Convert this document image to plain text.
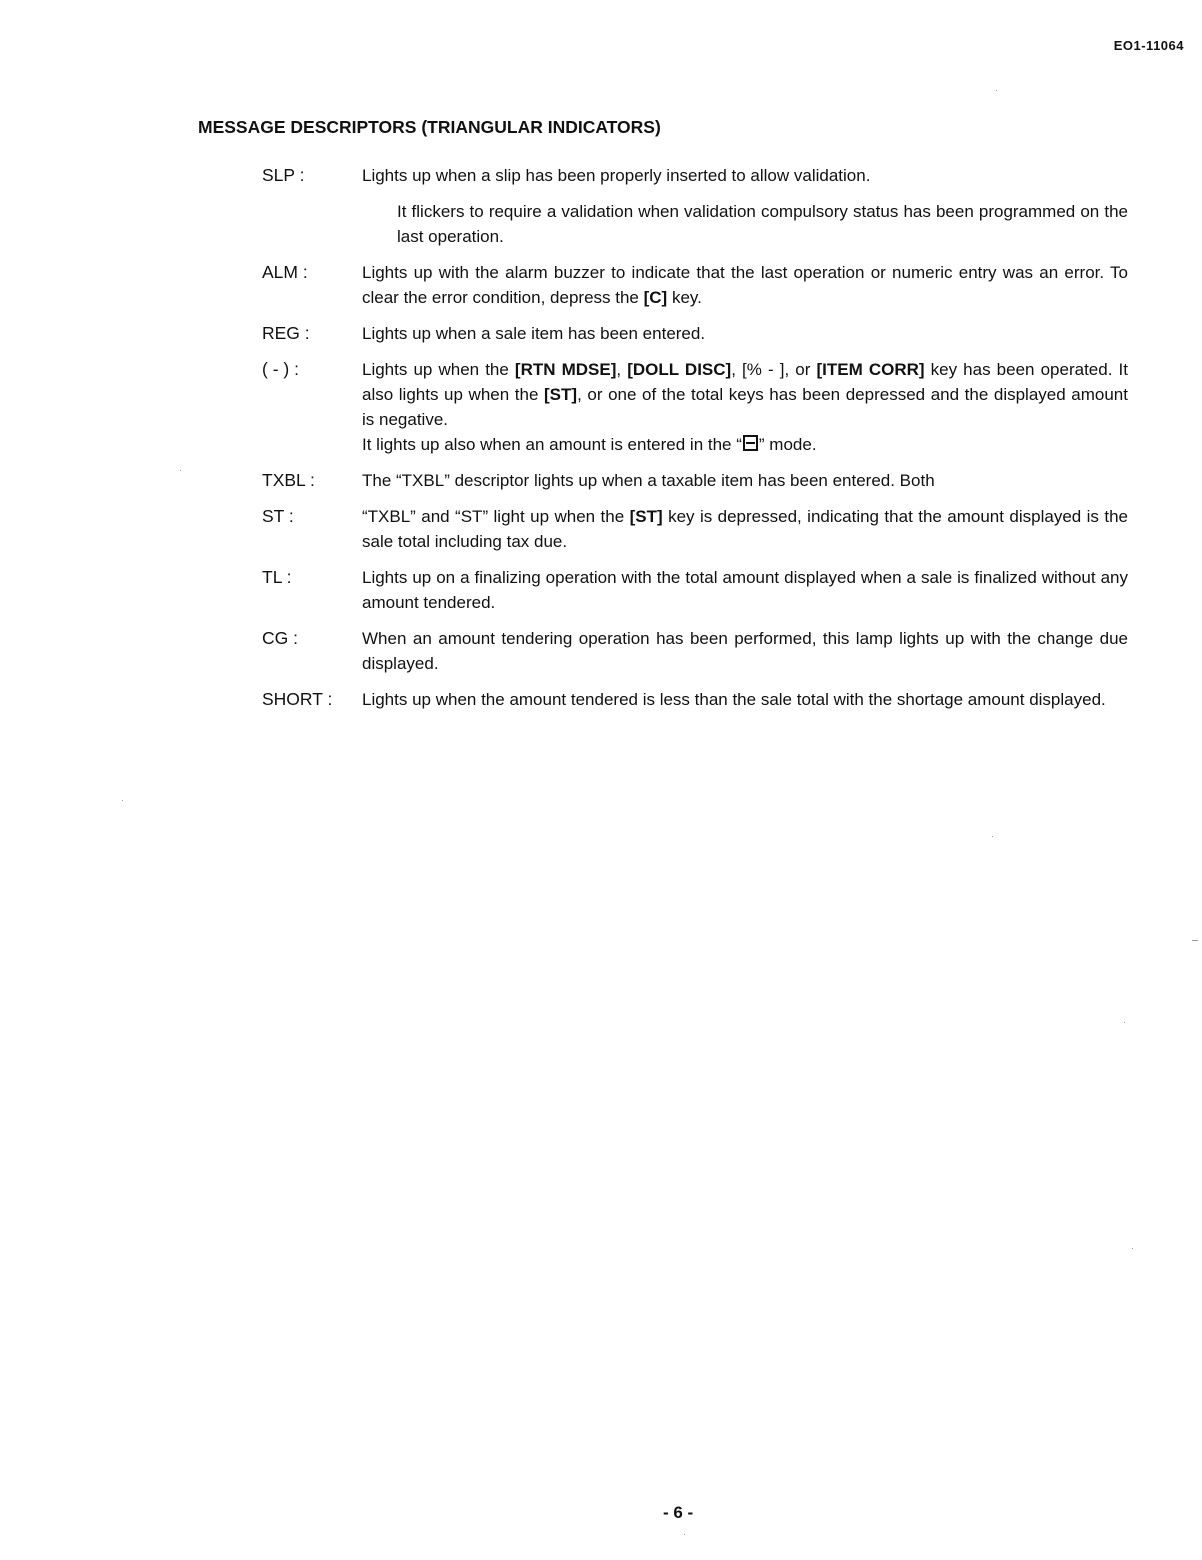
EO1-11064
MESSAGE DESCRIPTORS (TRIANGULAR INDICATORS)
SLP :	Lights up when a slip has been properly inserted to allow validation.

It flickers to require a validation when validation compulsory status has been programmed on the last operation.

ALM :	Lights up with the alarm buzzer to indicate that the last operation or numeric entry was an error. To clear the error condition, depress the [C] key.

REG :	Lights up when a sale item has been entered.

( - ) :	Lights up when the [RTN MDSE], [DOLL DISC], [% - ], or [ITEM CORR] key has been operated. It also lights up when the [ST], or one of the total keys has been depressed and the displayed amount is negative.

It lights up also when an amount is entered in the “ ” mode.

TXBL :	The “TXBL” descriptor lights up when a taxable item has been entered. Both

ST :	“TXBL” and “ST” light up when the [ST] key is depressed, indicating that the amount displayed is the sale total including tax due.

TL :	Lights up on a finalizing operation with the total amount displayed when a sale is finalized without any amount tendered.

CG :	When an amount tendering operation has been performed, this lamp lights up with the change due displayed.

SHORT :	Lights up when the amount tendered is less than the sale total with the shortage amount displayed.

- 6 -
